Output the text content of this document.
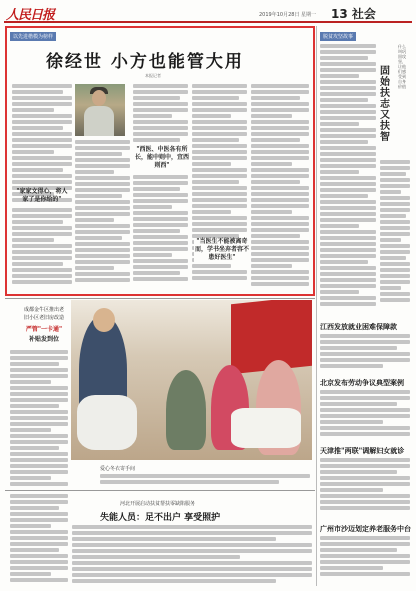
人民日报	2019年10月28日 星期一 13 社会
以先进楷模为榜样
徐经世 小方也能管大用
本报记者
"家家文得心，将人家了是你给的"
"西医、中医各有所长，能中则中，宜西则西"
"当医生不能被离奇而，学书坐弃者容不患好医生"
脱贫攻坚故事
固始扶志又扶智
什么叫巩固攻坚，让他们感受到自身价值
成都金牛区推出老旧小区老旧房改造
严管"一卡通"
补贴发到位
爱心冬衣寄手间
河北开展启动扶贫帮扶零缺陷服务
失能人员：足不出户 享受照护
江西发放就业困难保障款
北京发布劳动争议典型案例
天津推"两联"调解妇女就诊
广州市沙迈划定养老服务中台
